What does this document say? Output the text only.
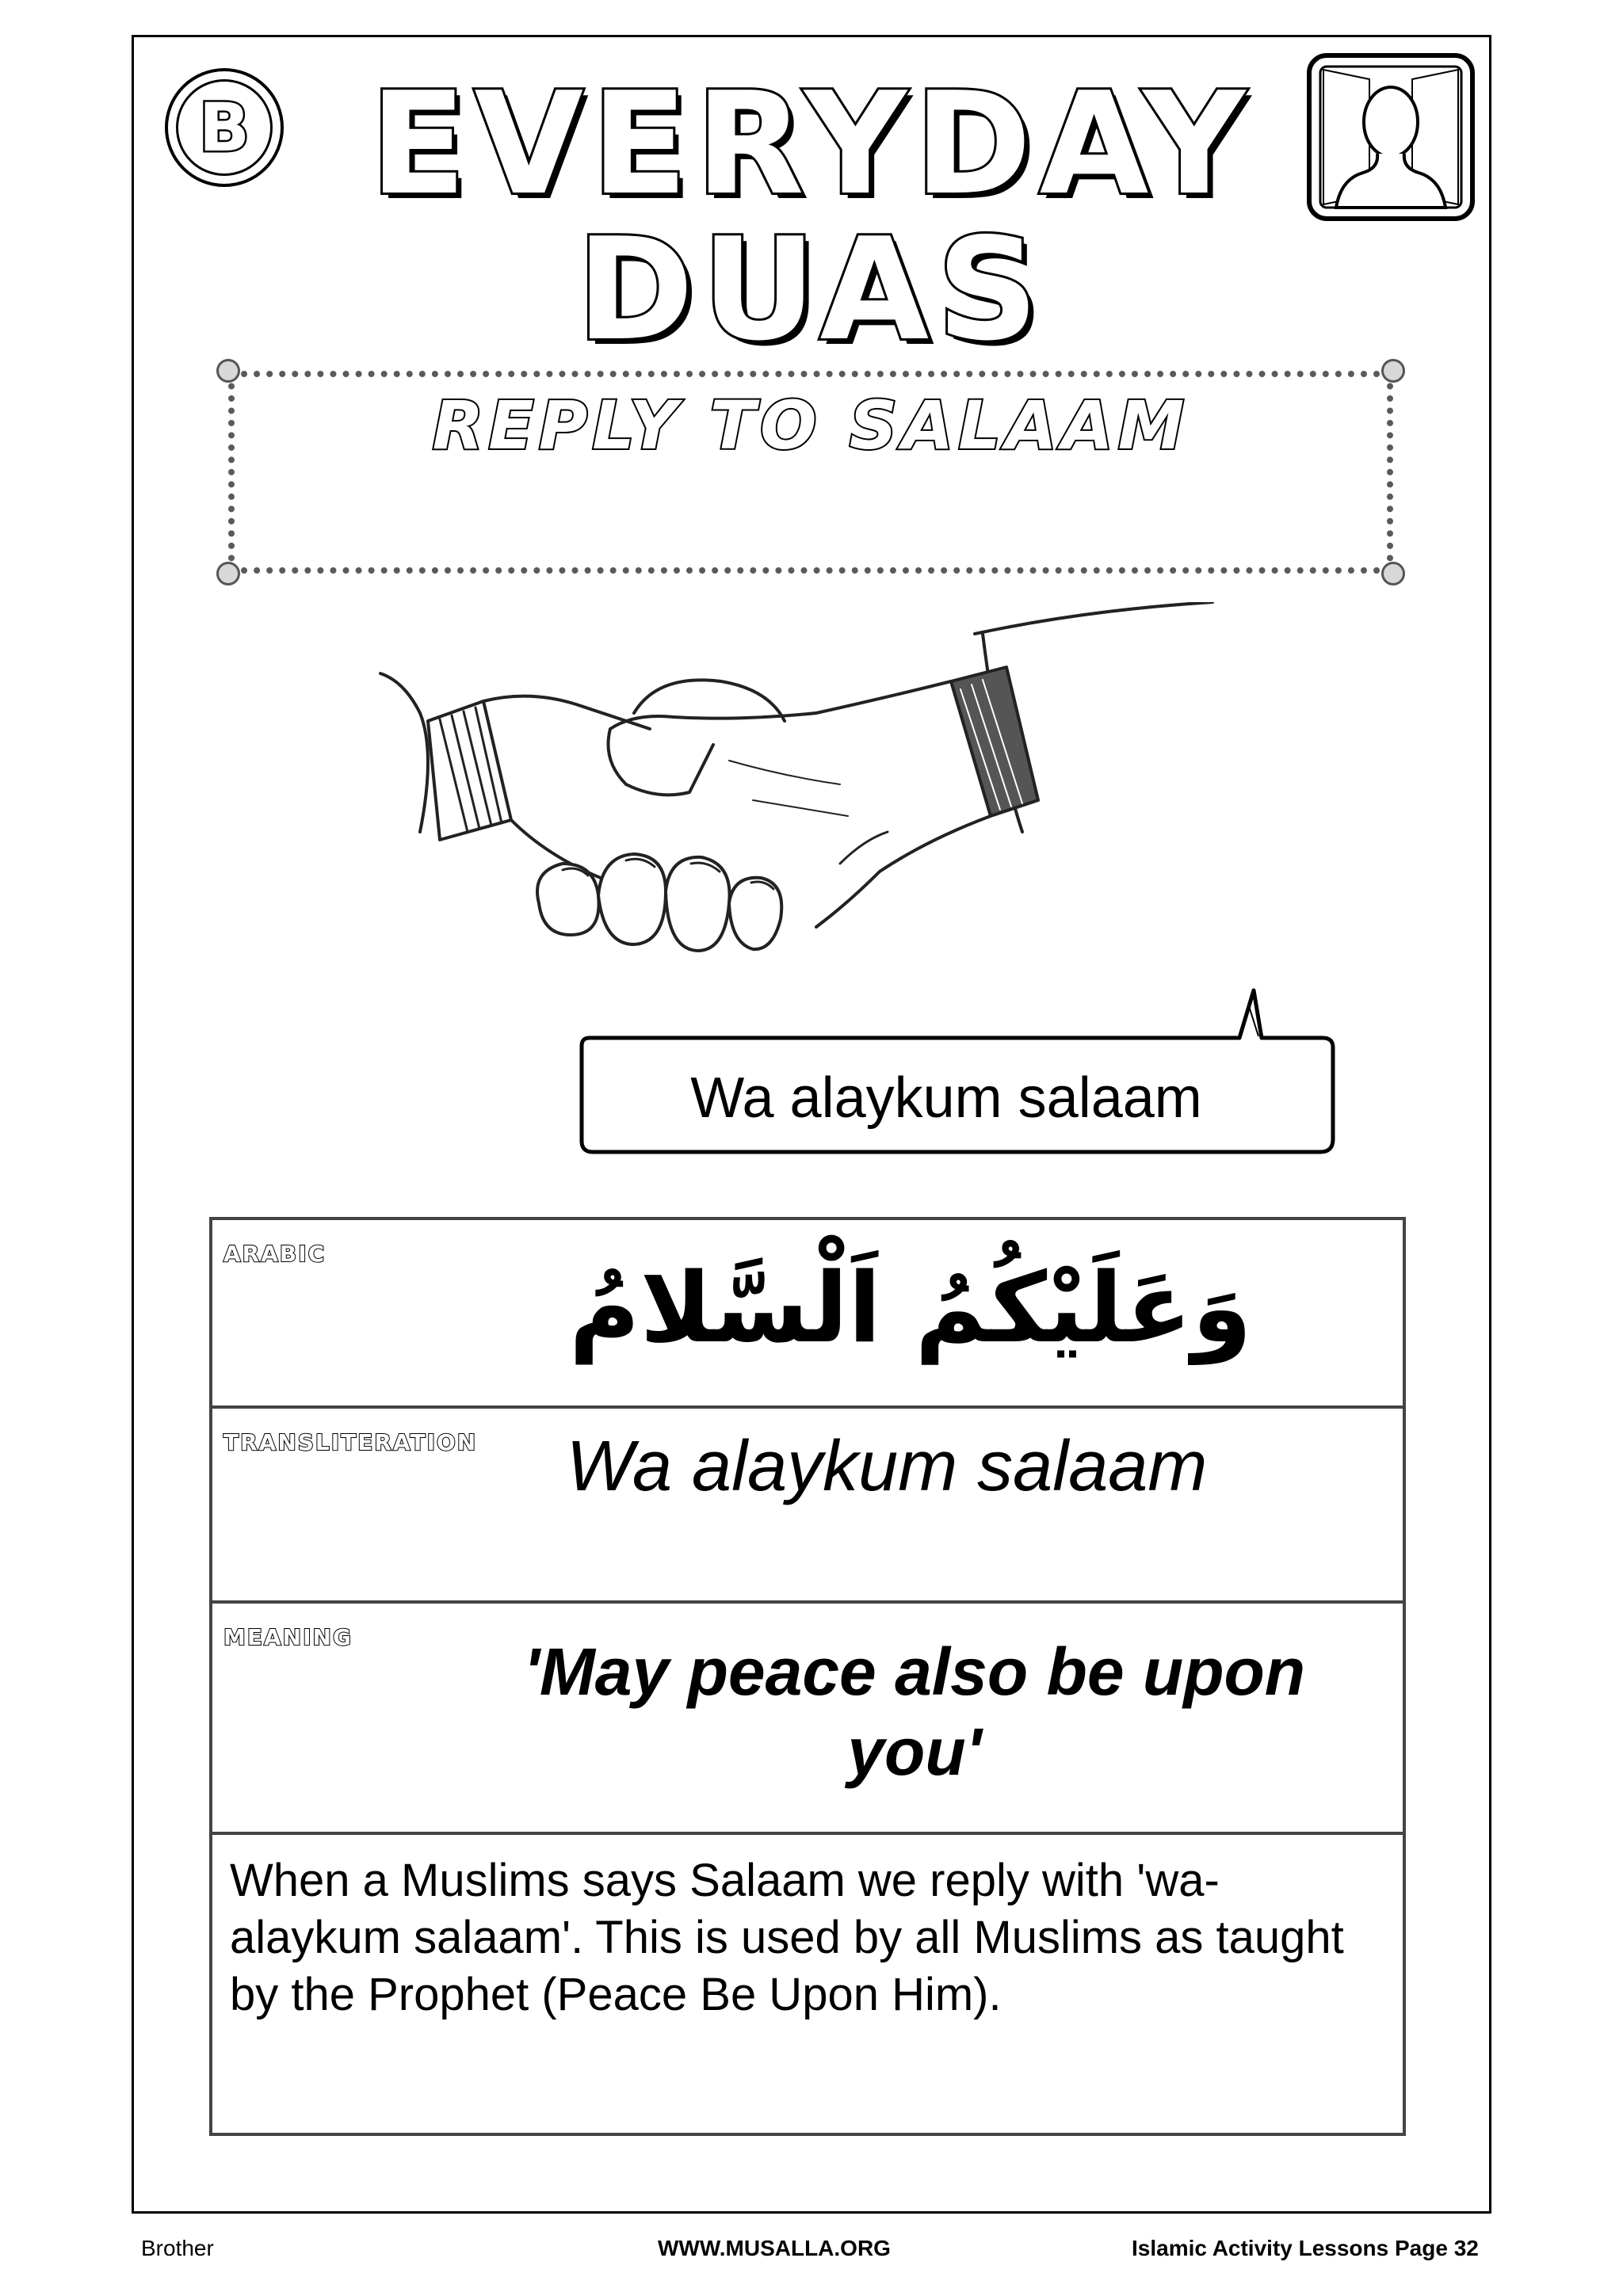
B EVERYDAY
DUAS
REPLY TO SALAAM
Wa alaykum salaam
ARABIC	وَعَلَيْكُمُ اَلْسَّلامُ
TRANSLITERATION	Wa alaykum salaam
MEANING	'May peace also be upon you'
When a Muslims says Salaam we reply with 'wa-alaykum salaam'. This is used by all Muslims as taught by the Prophet (Peace Be Upon Him).
Brother	WWW.MUSALLA.ORG	Islamic Activity Lessons Page 32
